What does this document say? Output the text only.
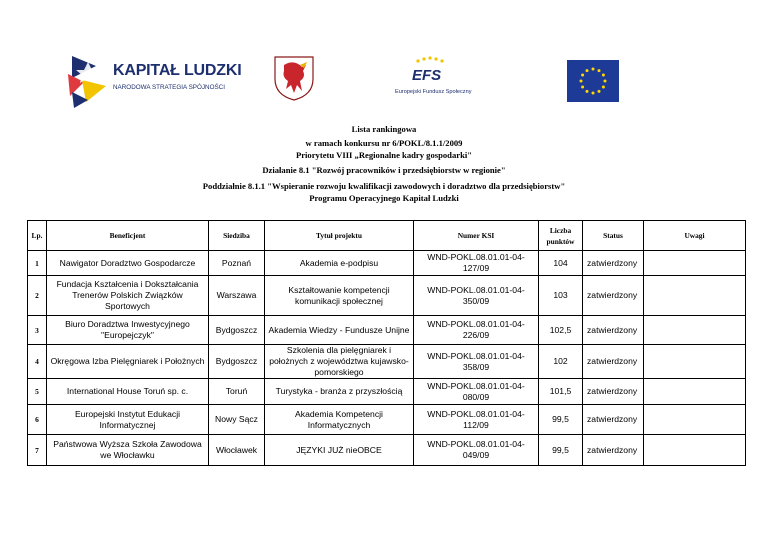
KAPITAŁ LUDZKI
NARODOWA STRATEGIA SPÓJNOŚCI
EFS
Europejski Fundusz Społeczny
Lista rankingowa
w ramach konkursu nr 6/POKL/8.1.1/2009
Priorytetu VIII „Regionalne kadry gospodarki"
Działanie 8.1 "Rozwój pracowników i przedsiębiorstw w regionie"
Poddziałnie 8.1.1 "Wspieranie rozwoju kwalifikacji zawodowych i doradztwo dla przedsiębiorstw"
Programu Operacyjnego Kapitał Ludzki
Lp.	Beneficjent	Siedziba	Tytuł projektu	Numer KSI	Liczba punktów	Status	Uwagi
1	Nawigator Doradztwo Gospodarcze	Poznań	Akademia e-podpisu	WND-POKL.08.01.01-04-127/09	104	zatwierdzony	
2	Fundacja Kształcenia i Dokształcania Trenerów Polskich Związków Sportowych	Warszawa	Kształtowanie kompetencji komunikacji społecznej	WND-POKL.08.01.01-04-350/09	103	zatwierdzony	
3	Biuro Doradztwa Inwestycyjnego "Europejczyk"	Bydgoszcz	Akademia Wiedzy - Fundusze Unijne	WND-POKL.08.01.01-04-226/09	102,5	zatwierdzony	
4	Okręgowa Izba Pielęgniarek i Położnych	Bydgoszcz	Szkolenia dla pielęgniarek i położnych z województwa kujawsko-pomorskiego	WND-POKL.08.01.01-04-358/09	102	zatwierdzony	
5	International House Toruń sp. c.	Toruń	Turystyka - branża z przyszłością	WND-POKL.08.01.01-04-080/09	101,5	zatwierdzony	
6	Europejski Instytut Edukacji Informatycznej	Nowy Sącz	Akademia Kompetencji Informatycznych	WND-POKL.08.01.01-04-112/09	99,5	zatwierdzony	
7	Państwowa Wyższa Szkoła Zawodowa we Włocławku	Włocławek	JĘZYKI JUŻ nieOBCE	WND-POKL.08.01.01-04-049/09	99,5	zatwierdzony	
